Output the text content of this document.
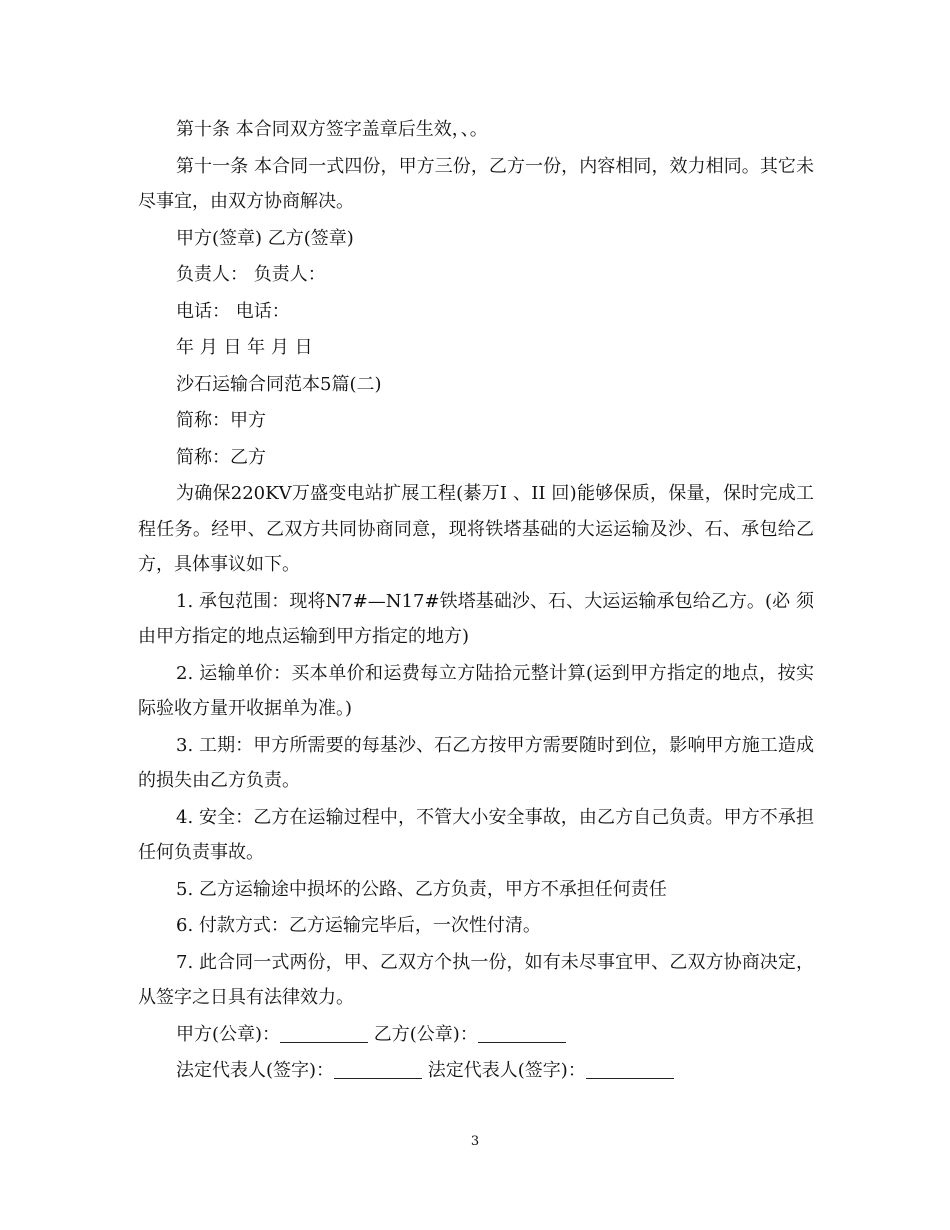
第十条 本合同双方签字盖章后生效，、。

第十一条 本合同一式四份，甲方三份，乙方一份，内容相同，效力相同。其它未尽事宜，由双方协商解决。

甲方(签章) 乙方(签章)

负责人： 负责人：

电话： 电话：

年 月 日 年 月 日

沙石运输合同范本5篇(二)

简称：甲方

简称：乙方

为确保220KV万盛变电站扩展工程(綦万I 、II 回)能够保质，保量，保时完成工程任务。经甲、乙双方共同协商同意，现将铁塔基础的大运运输及沙、石、承包给乙方，具体事议如下。

1. 承包范围：现将N7#—N17#铁塔基础沙、石、大运运输承包给乙方。(必 须由甲方指定的地点运输到甲方指定的地方)

2. 运输单价：买本单价和运费每立方陆拾元整计算(运到甲方指定的地点，按实际验收方量开收据单为准。)

3. 工期：甲方所需要的每基沙、石乙方按甲方需要随时到位，影响甲方施工造成的损失由乙方负责。

4. 安全：乙方在运输过程中，不管大小安全事故，由乙方自己负责。甲方不承担任何负责事故。

5. 乙方运输途中损坏的公路、乙方负责，甲方不承担任何责任

6. 付款方式：乙方运输完毕后，一次性付清。

7. 此合同一式两份，甲、乙双方个执一份，如有未尽事宜甲、乙双方协商决定，从签字之日具有法律效力。

甲方(公章)：	乙方(公章)：

法定代表人(签字)：	法定代表人(签字)：

3
